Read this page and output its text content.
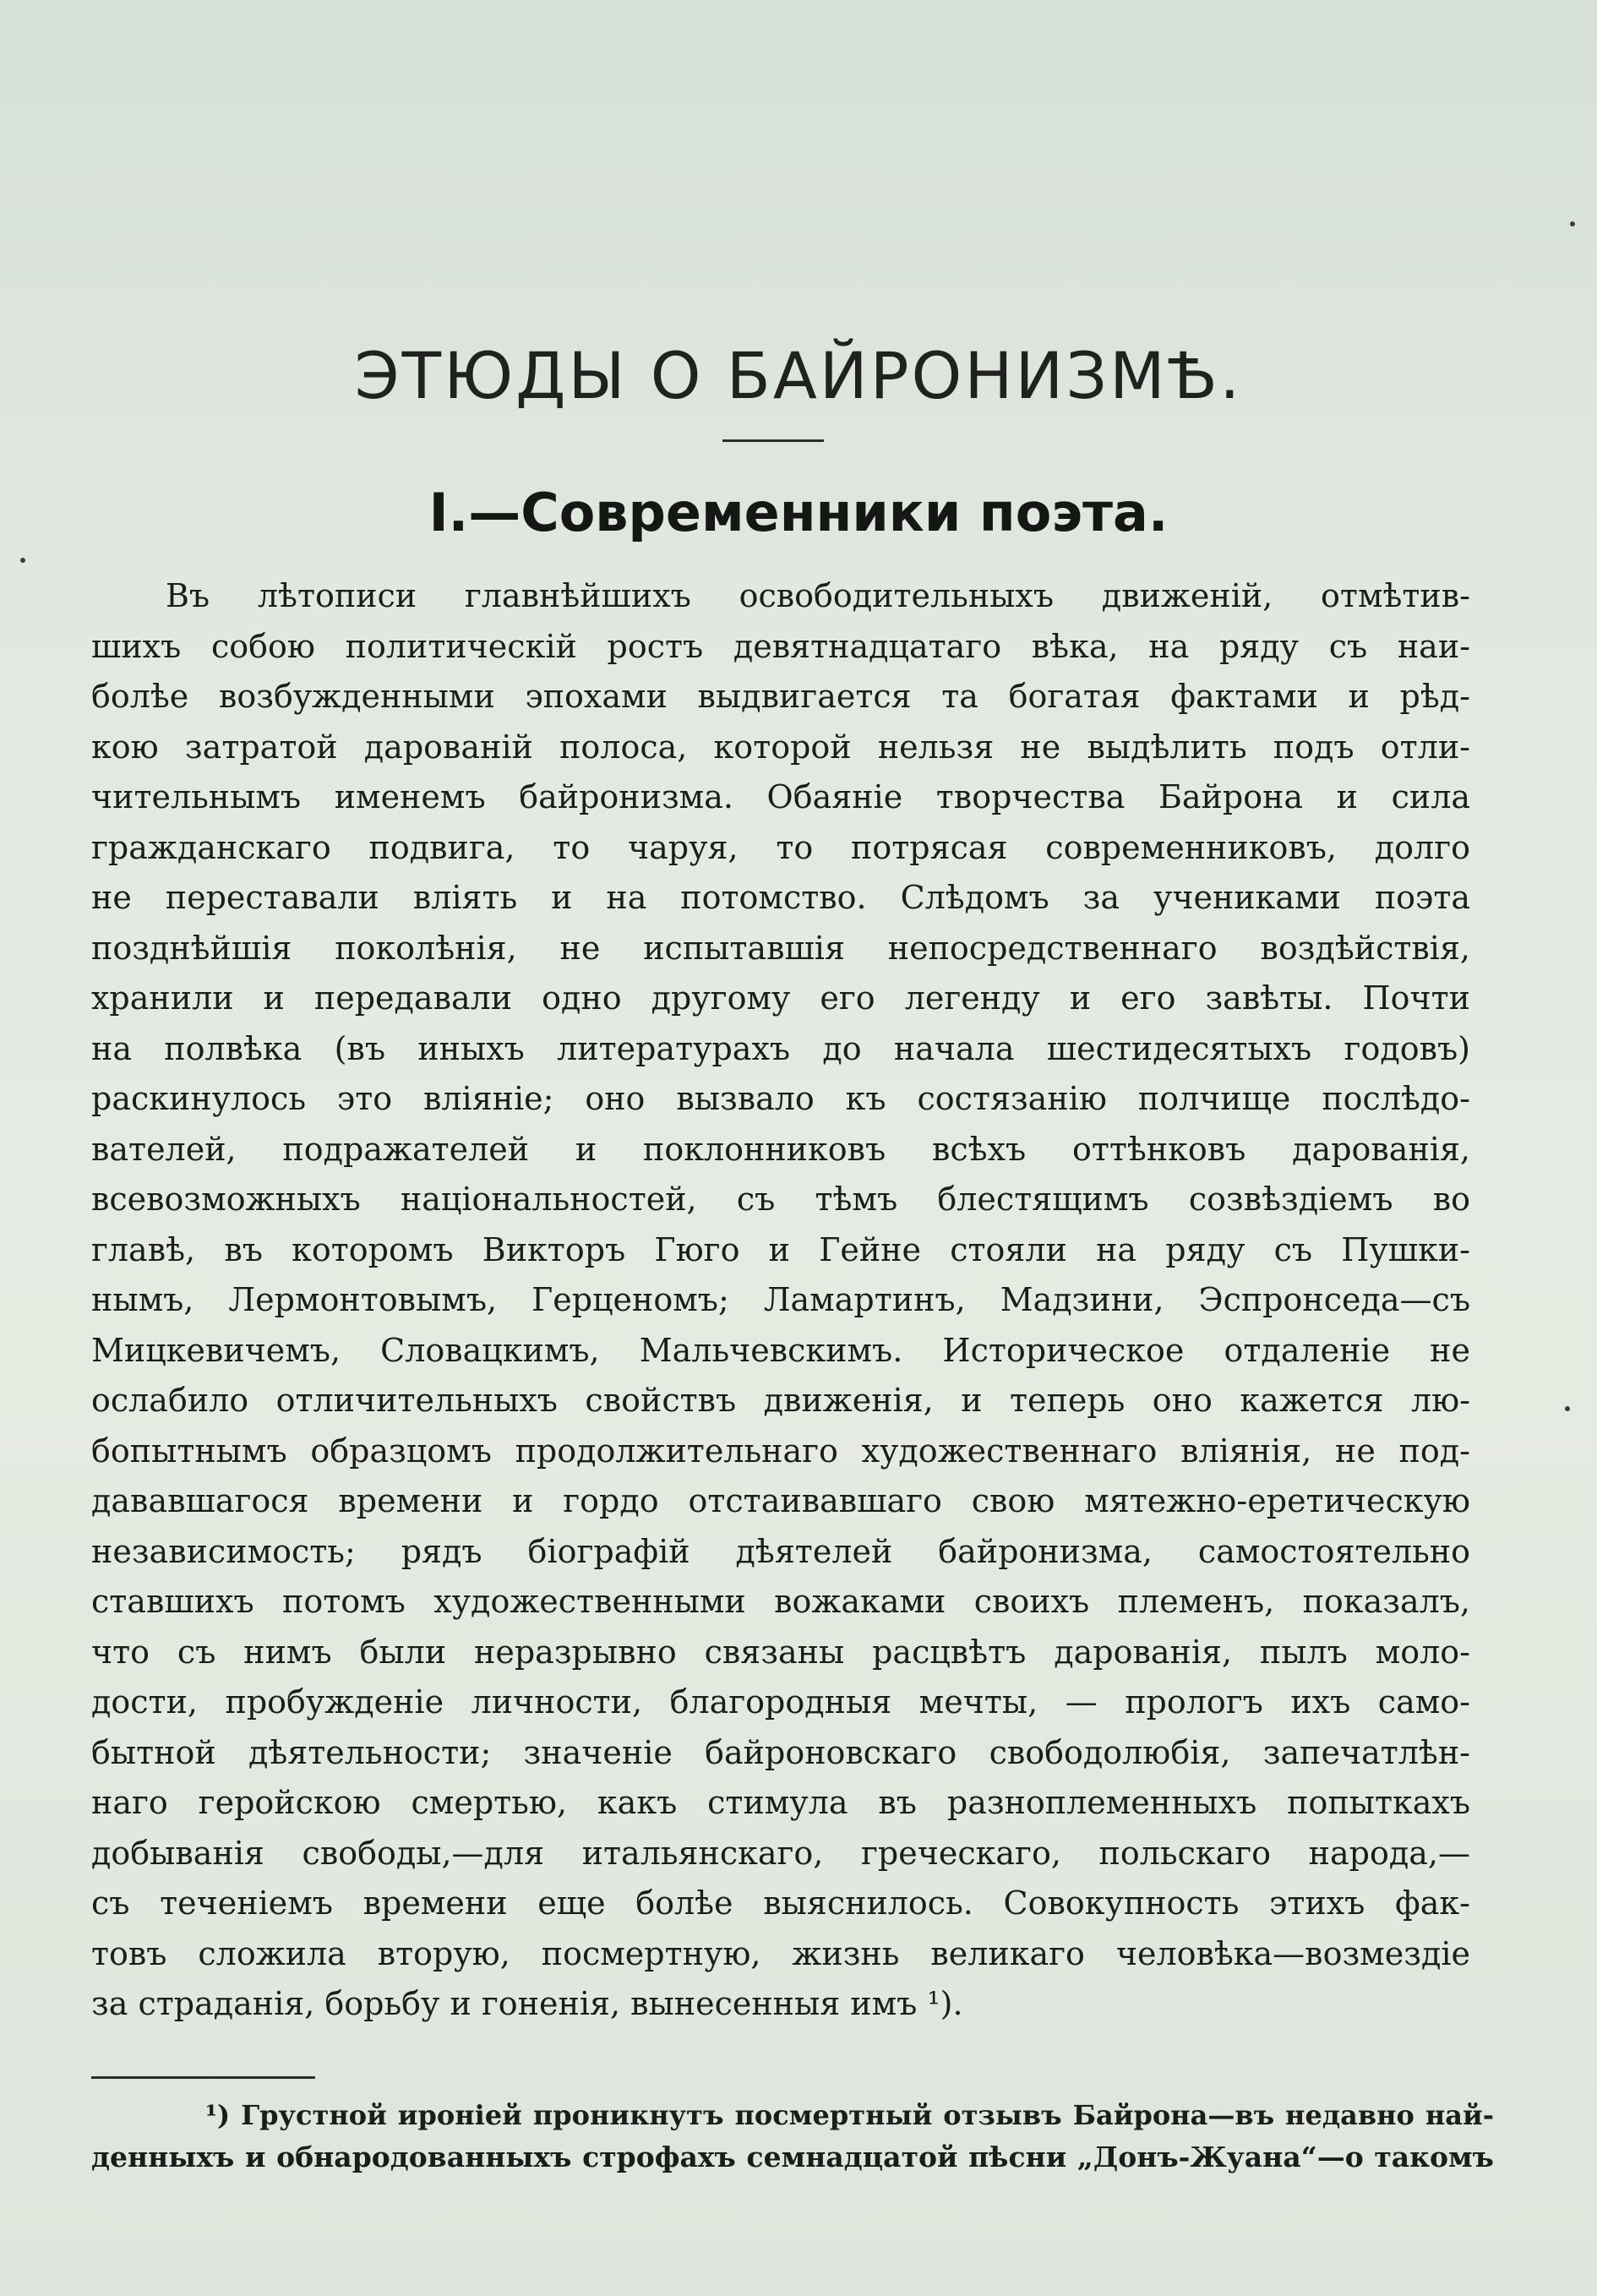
ЭТЮДЫ О БАЙРОНИЗМѢ.
I.—Современники поэта.
Въ лѣтописи главнѣйшихъ освободительныхъ движеній, отмѣтив-
шихъ собою политическій ростъ девятнадцатаго вѣка, на ряду съ наи-
болѣе возбужденными эпохами выдвигается та богатая фактами и рѣд-
кою затратой дарованій полоса, которой нельзя не выдѣлить подъ отли-
чительнымъ именемъ байронизма. Обаяніе творчества Байрона и сила
гражданскаго подвига, то чаруя, то потрясая современниковъ, долго
не переставали влiять и на потомство. Слѣдомъ за учениками поэта
позднѣйшія поколѣнія, не испытавшія непосредственнаго воздѣйствія,
хранили и передавали одно другому его легенду и его завѣты. Почти
на полвѣка (въ иныхъ литературахъ до начала шестидесятыхъ годовъ)
раскинулось это вліяніе; оно вызвало къ состязанію полчище послѣдо-
вателей, подражателей и поклонниковъ всѣхъ оттѣнковъ дарованія,
всевозможныхъ національностей, съ тѣмъ блестящимъ созвѣздіемъ во
главѣ, въ которомъ Викторъ Гюго и Гейне стояли на ряду съ Пушки-
нымъ, Лермонтовымъ, Герценомъ; Ламартинъ, Мадзини, Эспронседа—съ
Мицкевичемъ, Словацкимъ, Мальчевскимъ. Историческое отдаленіе не
ослабило отличительныхъ свойствъ движенія, и теперь оно кажется лю-
бопытнымъ образцомъ продолжительнаго художественнаго вліянія, не под-
дававшагося времени и гордо отстаивавшаго свою мятежно-еретическую
независимость; рядъ біографій дѣятелей байронизма, самостоятельно
ставшихъ потомъ художественными вожаками своихъ племенъ, показалъ,
что съ нимъ были неразрывно связаны расцвѣтъ дарованія, пылъ моло-
дости, пробужденіе личности, благородныя мечты, — прологъ ихъ само-
бытной дѣятельности; значеніе байроновскаго свободолюбія, запечатлѣн-
наго геройскою смертью, какъ стимула въ разноплеменныхъ попыткахъ
добыванія свободы,—для итальянскаго, греческаго, польскаго народа,—
съ теченіемъ времени еще болѣе выяснилось. Совокупность этихъ фак-
товъ сложила вторую, посмертную, жизнь великаго человѣка—возмездіе
за страданія, борьбу и гоненія, вынесенныя имъ ¹).
¹) Грустной ироніей проникнутъ посмертный отзывъ Байрона—въ недавно най-
денныхъ и обнародованныхъ строфахъ семнадцатой пѣсни „Донъ-Жуана“—о такомъ
